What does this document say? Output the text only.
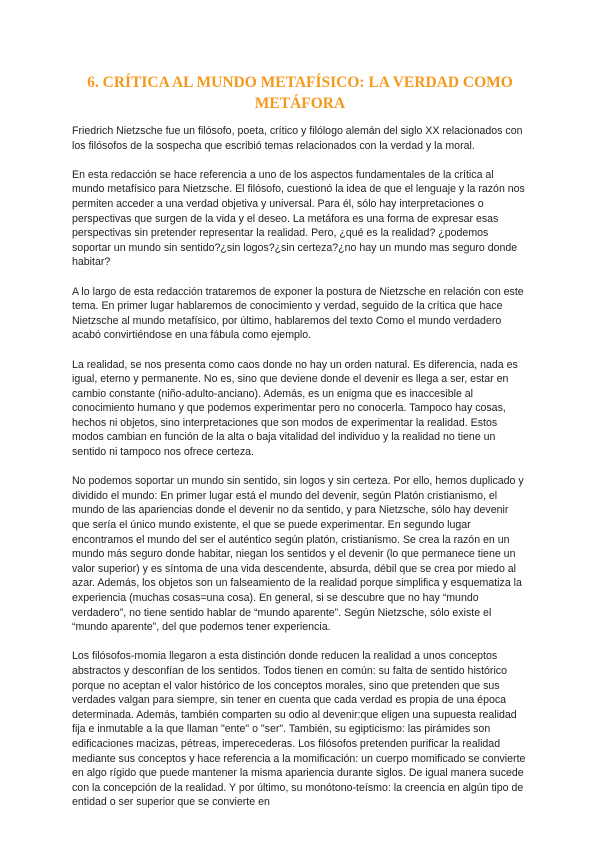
6. CRÍTICA AL MUNDO METAFÍSICO: LA VERDAD COMO METÁFORA

Friedrich Nietzsche fue un filósofo, poeta, crítico y filólogo alemán del siglo XX relacionados con los filósofos de la sospecha que escribió temas relacionados con la verdad y la moral.

En esta redacción se hace referencia a uno de los aspectos fundamentales de la crítica al mundo metafísico para Nietzsche. El filósofo, cuestionó la idea de que el lenguaje y la razón nos permiten acceder a una verdad objetiva y universal. Para él, sólo hay interpretaciones o perspectivas que surgen de la vida y el deseo. La metáfora es una forma de expresar esas perspectivas sin pretender representar la realidad. Pero, ¿qué es la realidad? ¿podemos soportar un mundo sin sentido?¿sin logos?¿sin certeza?¿no hay un mundo mas seguro donde habitar?

A lo largo de esta redacción trataremos de exponer la postura de Nietzsche en relación con este tema. En primer lugar hablaremos de conocimiento y verdad, seguido de la crítica que hace Nietzsche al mundo metafísico, por último, hablaremos del texto Como el mundo verdadero acabó convirtiéndose en una fábula como ejemplo.

La realidad, se nos presenta como caos donde no hay un orden natural. Es diferencia, nada es igual, eterno y permanente. No es, sino que deviene donde el devenir es llega a ser, estar en cambio constante (niño-adulto-anciano). Además, es un enigma que es inaccesible al conocimiento humano y que podemos experimentar pero no conocerla. Tampoco hay cosas, hechos ni objetos, sino interpretaciones que son modos de experimentar la realidad. Estos modos cambian en función de la alta o baja vitalidad del individuo y la realidad no tiene un sentido ni tampoco nos ofrece certeza.

No podemos soportar un mundo sin sentido, sin logos y sin certeza. Por ello, hemos duplicado y dividido el mundo: En primer lugar está el mundo del devenir, según Platón cristianismo, el mundo de las apariencias donde el devenir no da sentido, y para Nietzsche, sólo hay devenir que sería el único mundo existente, el que se puede experimentar. En segundo lugar encontramos el mundo del ser el auténtico según platón, cristianismo. Se crea la razón en un mundo más seguro donde habitar, niegan los sentidos y el devenir (lo que permanece tiene un valor superior) y es síntoma de una vida descendente, absurda, débil que se crea por miedo al azar. Además, los objetos son un falseamiento de la realidad porque simplifica y esquematiza la experiencia (muchas cosas=una cosa). En general, si se descubre que no hay “mundo verdadero”, no tiene sentido hablar de “mundo aparente”. Según Nietzsche, sólo existe el “mundo aparente”, del que podemos tener experiencia.

Los filósofos-momia llegaron a esta distinción donde reducen la realidad a unos conceptos abstractos y desconfían de los sentidos. Todos tienen en común: su falta de sentido histórico porque no aceptan el valor histórico de los conceptos morales, sino que pretenden que sus verdades valgan para siempre, sin tener en cuenta que cada verdad es propia de una época determinada. Además, también comparten su odio al devenir:que eligen una supuesta realidad fija e inmutable a la que llaman "ente" o "ser". También, su egipticismo: las pirámides son edificaciones macizas, pétreas, imperecederas. Los filósofos pretenden purificar la realidad mediante sus conceptos y hace referencia a la momificación: un cuerpo momificado se convierte en algo rígido que puede mantener la misma apariencia durante siglos. De igual manera sucede con la concepción de la realidad. Y por último, su monótono-teísmo: la creencia en algún tipo de entidad o ser superior que se convierte en
